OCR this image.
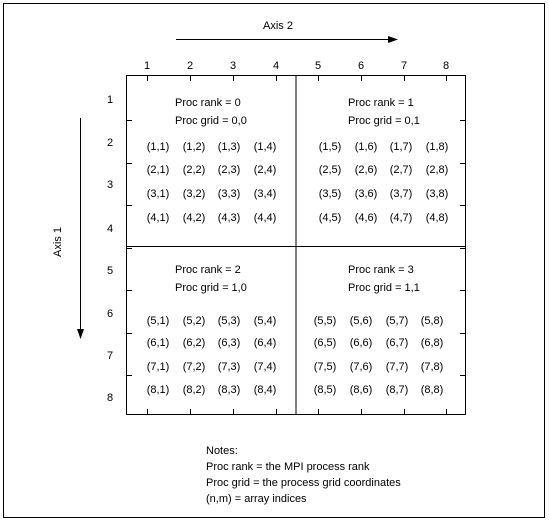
Axis 2
Axis 1
1	2	3	4	5	6	7	8
1
2
3
4
5
6
7
8
Proc rank = 0
Proc grid = 0,0
Proc rank = 1
Proc grid = 0,1
Proc rank = 2
Proc grid = 1,0
Proc rank = 3
Proc grid = 1,1
(1,1) (1,2) (1,3) (1,4)
(2,1) (2,2) (2,3) (2,4)
(3,1) (3,2) (3,3) (3,4)
(4,1) (4,2) (4,3) (4,4)
(1,5) (1,6) (1,7) (1,8)
(2,5) (2,6) (2,7) (2,8)
(3,5) (3,6) (3,7) (3,8)
(4,5) (4,6) (4,7) (4,8)
(5,1) (5,2) (5,3) (5,4)
(6,1) (6,2) (6,3) (6,4)
(7,1) (7,2) (7,3) (7,4)
(8,1) (8,2) (8,3) (8,4)
(5,5) (5,6) (5,7) (5,8)
(6,5) (6,6) (6,7) (6,8)
(7,5) (7,6) (7,7) (7,8)
(8,5) (8,6) (8,7) (8,8)
Notes:
Proc rank = the MPI process rank
Proc grid = the process grid coordinates
(n,m) = array indices
